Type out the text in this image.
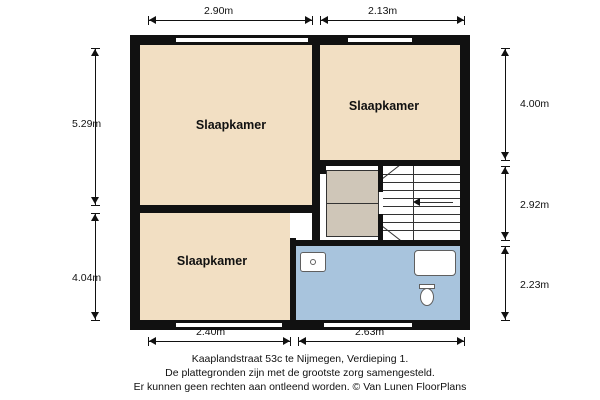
2.90m	2.13m
2.40m	2.63m
5.29m
4.04m
4.00m
2.92m
2.23m
Slaapkamer
Slaapkamer
Slaapkamer
Kaaplandstraat 53c te Nijmegen, Verdieping 1.
De plattegronden zijn met de grootste zorg samengesteld.
Er kunnen geen rechten aan ontleend worden. © Van Lunen FloorPlans
